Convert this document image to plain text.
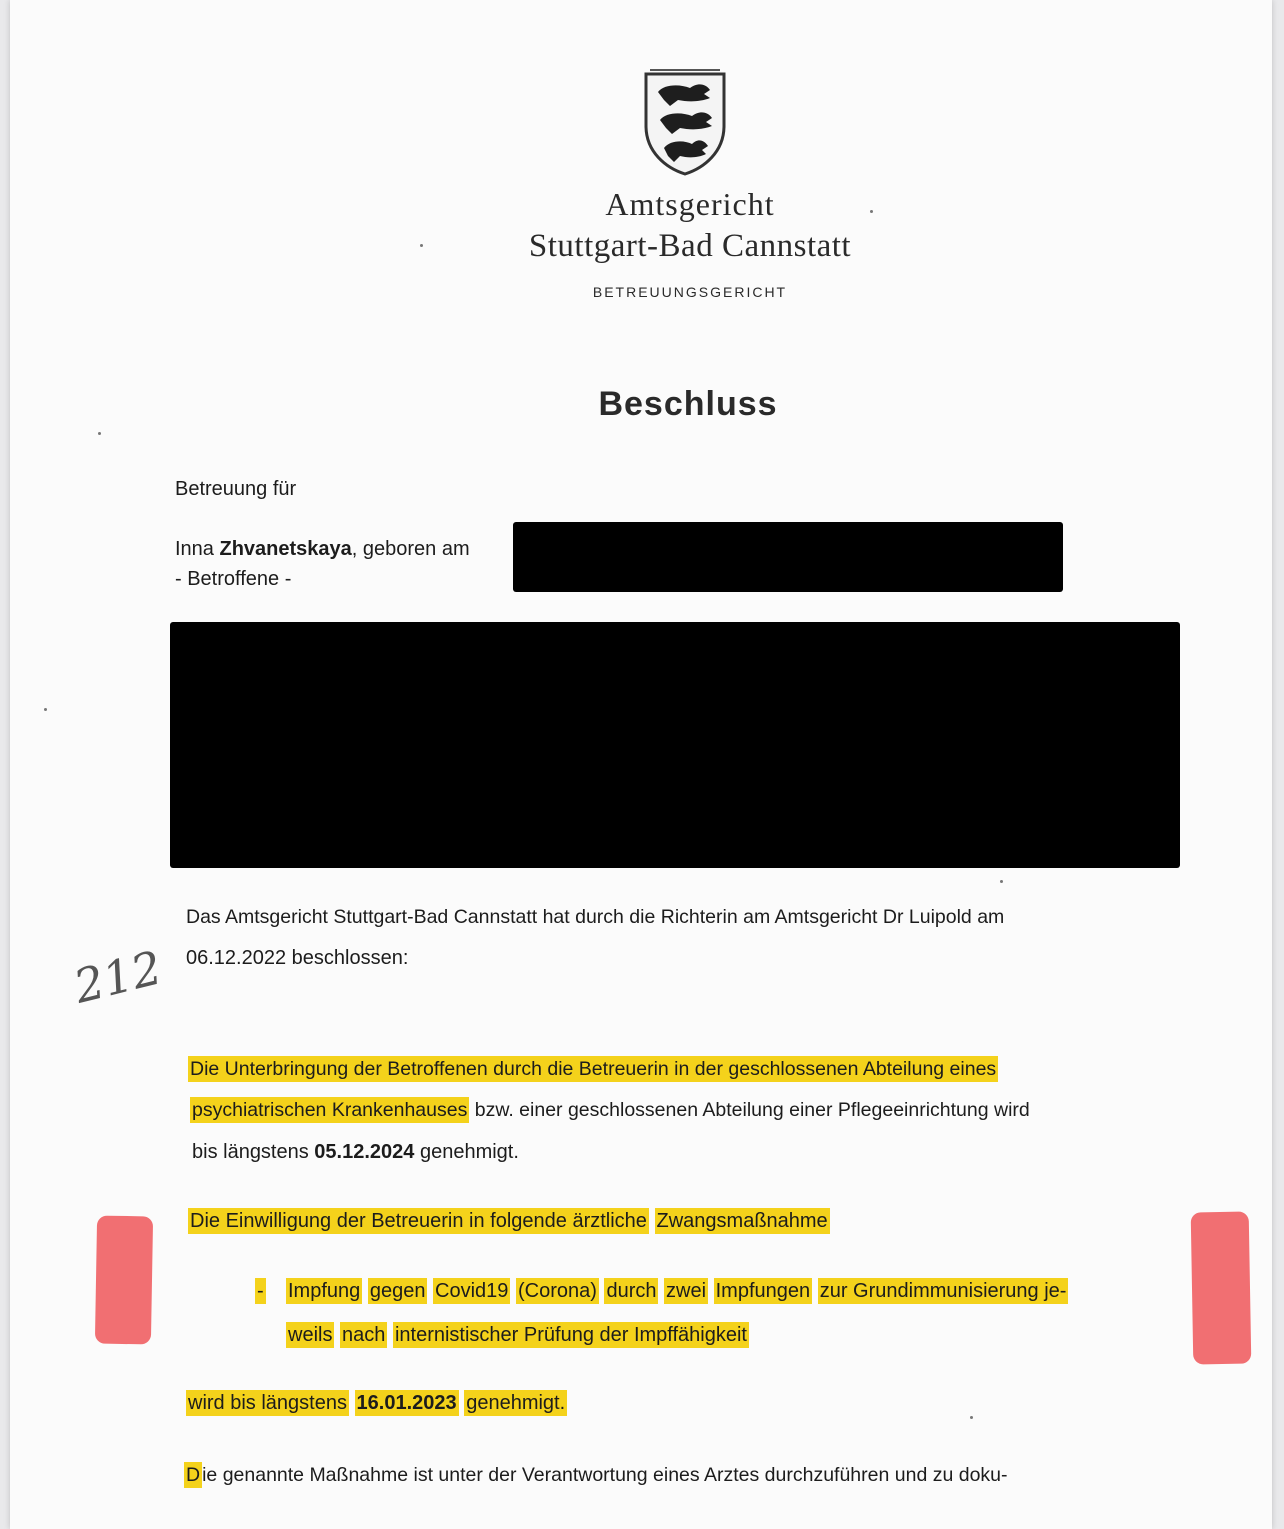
Amtsgericht
Stuttgart-Bad Cannstatt
BETREUUNGSGERICHT
Beschluss
Betreuung für
Inna Zhvanetskaya, geboren am
- Betroffene -
Das Amtsgericht Stuttgart-Bad Cannstatt hat durch die Richterin am Amtsgericht Dr Luipold am
06.12.2022 beschlossen:
212
Die Unterbringung der Betroffenen durch die Betreuerin in der geschlossenen Abteilung eines
psychiatrischen Krankenhauses bzw. einer geschlossenen Abteilung einer Pflegeeinrichtung wird
bis längstens 05.12.2024 genehmigt.
Die Einwilligung der Betreuerin in folgende ärztliche Zwangsmaßnahme
- Impfung gegen Covid19 (Corona) durch zwei Impfungen zur Grundimmunisierung je-
weils nach internistischer Prüfung der Impffähigkeit
wird bis längstens 16.01.2023 genehmigt.
D ie genannte Maßnahme ist unter der Verantwortung eines Arztes durchzuführen und zu doku-
